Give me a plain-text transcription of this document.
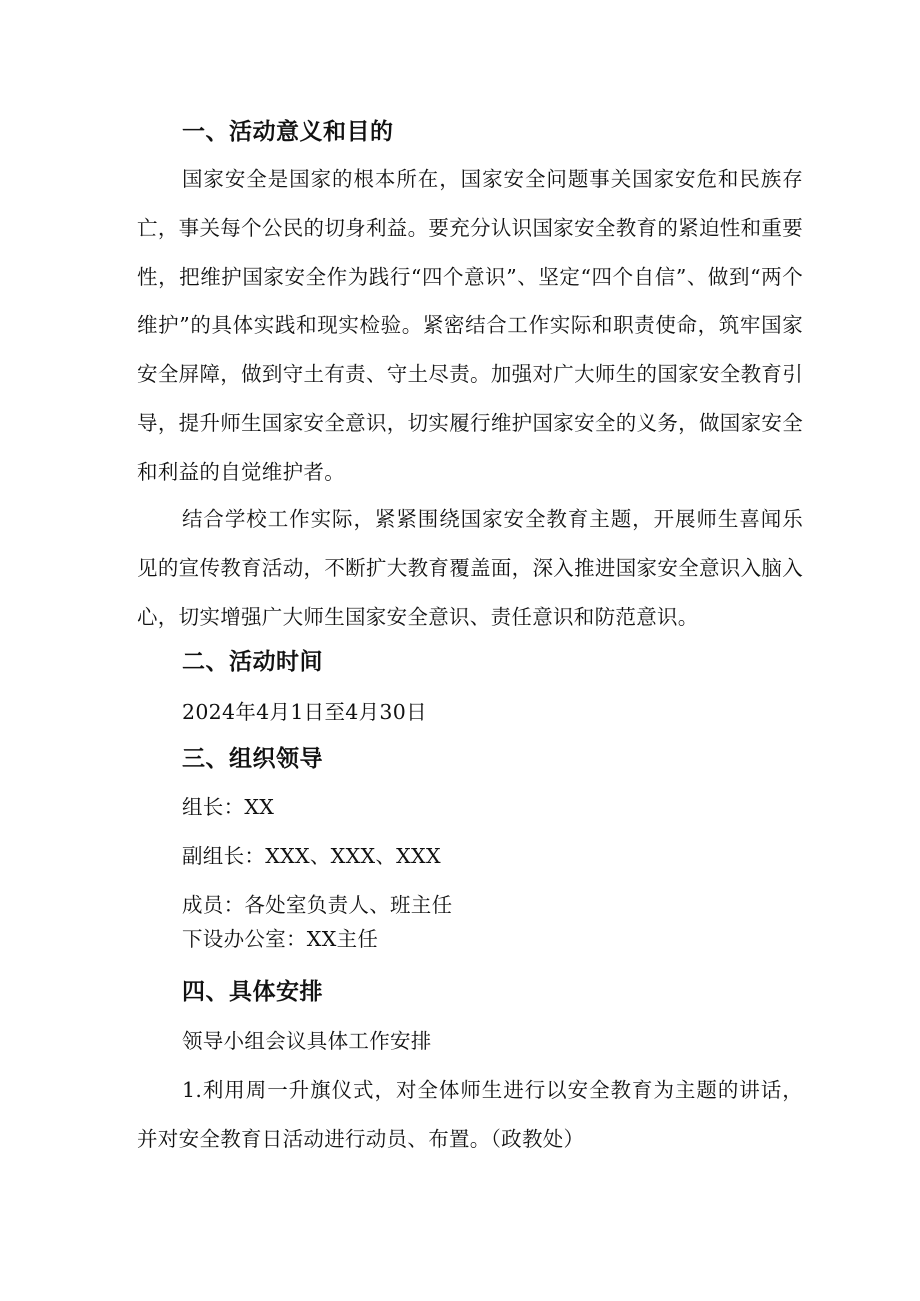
一、活动意义和目的

国家安全是国家的根本所在，国家安全问题事关国家安危和民族存亡，事关每个公民的切身利益。要充分认识国家安全教育的紧迫性和重要性，把维护国家安全作为践行“四个意识”、坚定“四个自信”、做到“两个维护”的具体实践和现实检验。紧密结合工作实际和职责使命，筑牢国家安全屏障，做到守土有责、守土尽责。加强对广大师生的国家安全教育引导，提升师生国家安全意识，切实履行维护国家安全的义务，做国家安全和利益的自觉维护者。

结合学校工作实际，紧紧围绕国家安全教育主题，开展师生喜闻乐见的宣传教育活动，不断扩大教育覆盖面，深入推进国家安全意识入脑入心，切实增强广大师生国家安全意识、责任意识和防范意识。

二、活动时间
2024年4月1日至4月30日
三、组织领导
组长：XX
副组长：XXX、XXX、XXX
成员：各处室负责人、班主任
下设办公室：XX主任
四、具体安排
领导小组会议具体工作安排

1.利用周一升旗仪式，对全体师生进行以安全教育为主题的讲话，并对安全教育日活动进行动员、布置。（政教处）
